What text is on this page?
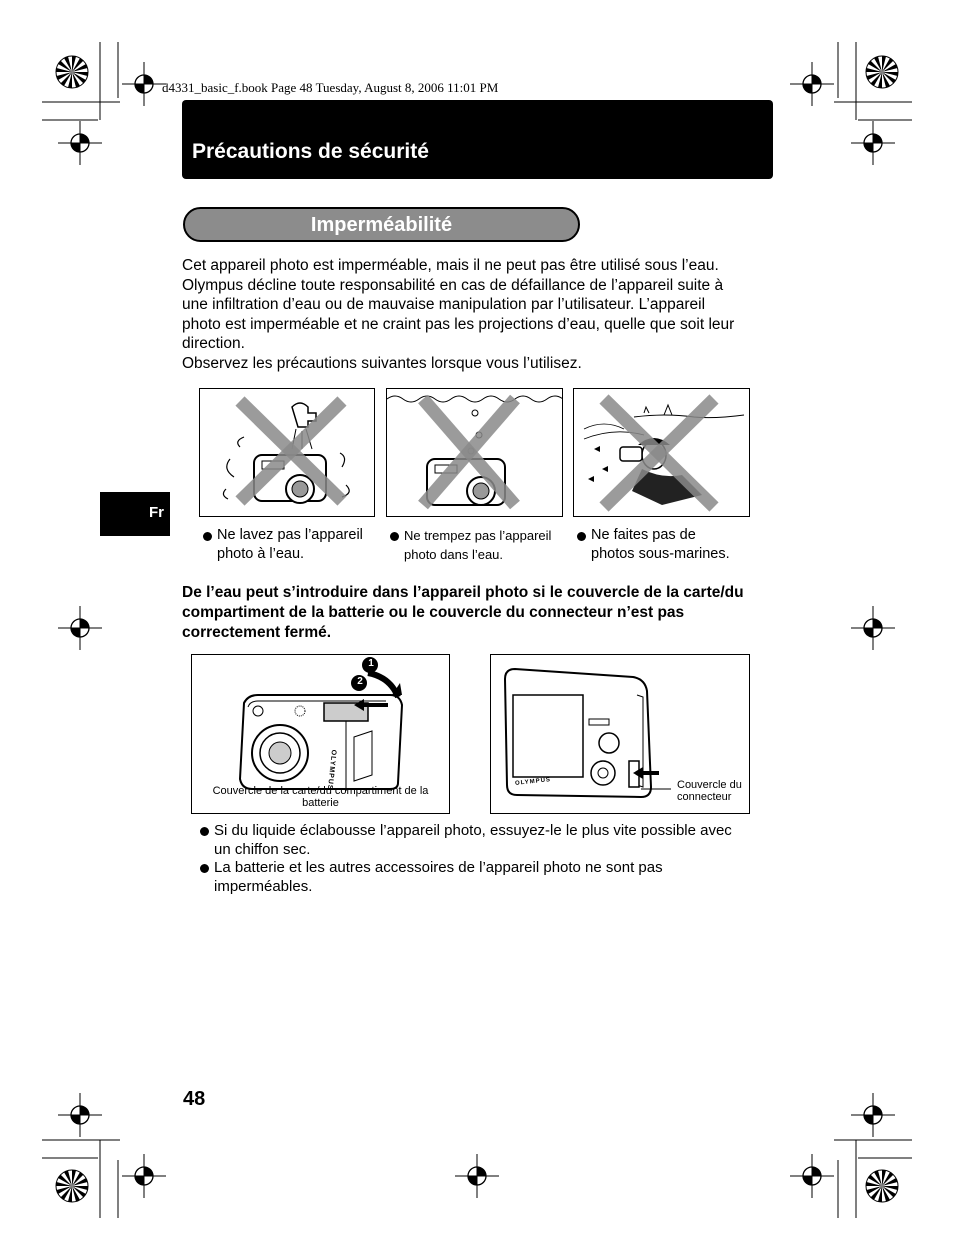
d4331_basic_f.book Page 48 Tuesday, August 8, 2006 11:01 PM
Précautions de sécurité
Imperméabilité
Fr
Cet appareil photo est imperméable, mais il ne peut pas être utilisé sous l’eau.
Olympus décline toute responsabilité en cas de défaillance de l’appareil suite à
une infiltration d’eau ou de mauvaise manipulation par l’utilisateur. L’appareil
photo est imperméable et ne craint pas les projections d’eau, quelle que soit leur
direction.
Observez les précautions suivantes lorsque vous l’utilisez.
Ne lavez pas l’appareil
photo à l’eau.
Ne trempez pas l’appareil
photo dans l’eau.
Ne faites pas de
photos sous-marines.
De l’eau peut s’introduire dans l’appareil photo si le couvercle de la carte/du
compartiment de la batterie ou le couvercle du connecteur n’est pas
correctement fermé.
1
2
OLYMPUS
Couvercle de la carte/du compartiment de la
batterie
OLYMPUS	Couvercle du
connecteur
Si du liquide éclabousse l’appareil photo, essuyez-le le plus vite possible avec
un chiffon sec.
La batterie et les autres accessoires de l’appareil photo ne sont pas
imperméables.
48
